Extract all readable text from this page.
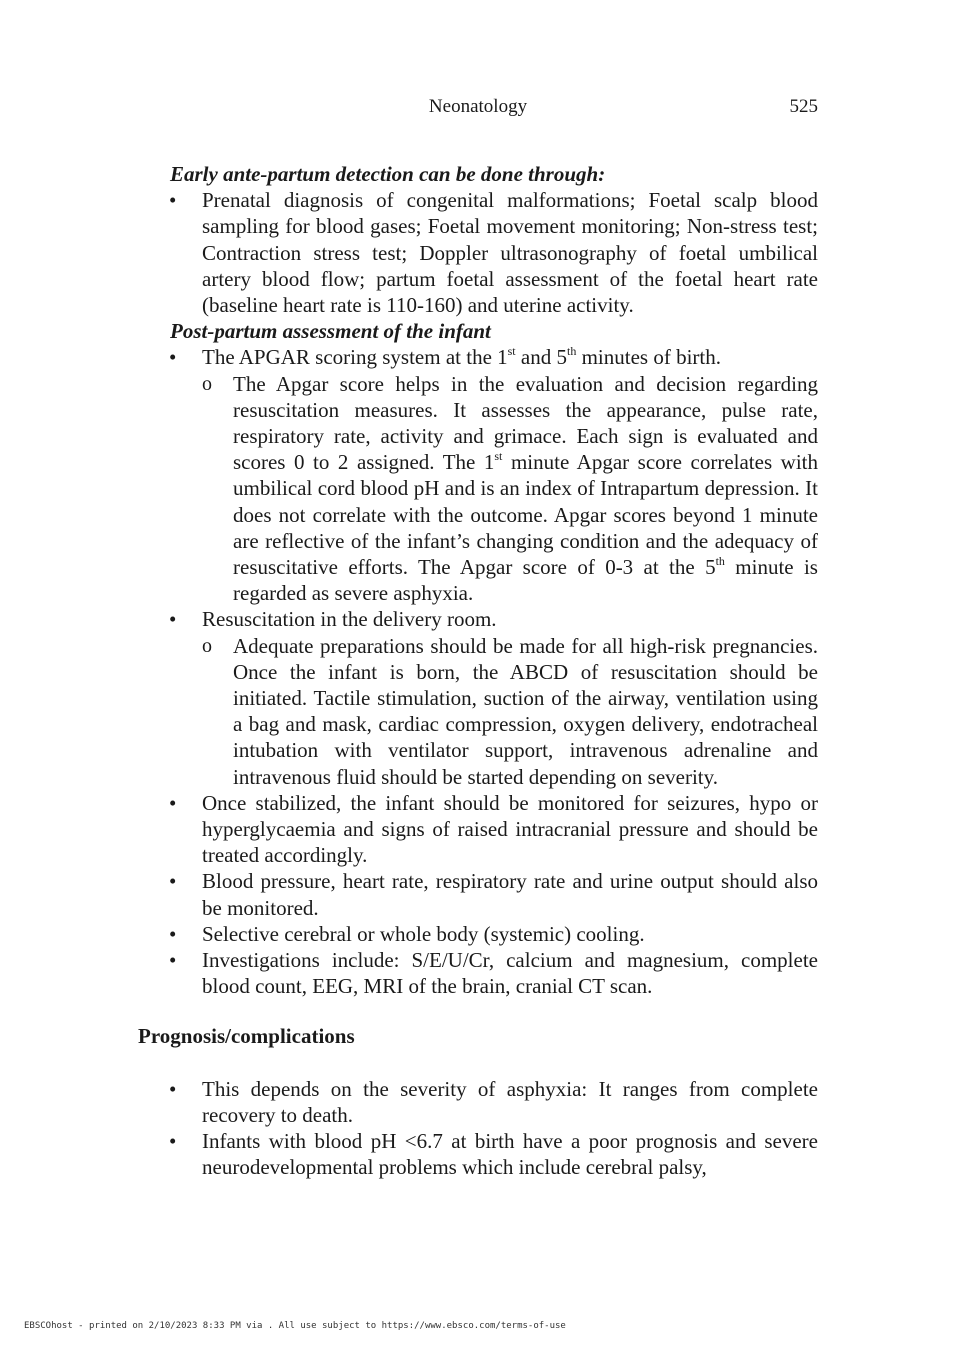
Neonatology	525

Early ante-partum detection can be done through:

• Prenatal diagnosis of congenital malformations; Foetal scalp blood sampling for blood gases; Foetal movement monitoring; Non-stress test; Contraction stress test; Doppler ultrasonography of foetal umbilical artery blood flow; partum foetal assessment of the foetal heart rate (baseline heart rate is 110-160) and uterine activity.

Post-partum assessment of the infant

• The APGAR scoring system at the 1st and 5th minutes of birth.

o The Apgar score helps in the evaluation and decision regarding resuscitation measures. It assesses the appearance, pulse rate, respiratory rate, activity and grimace. Each sign is evaluated and scores 0 to 2 assigned. The 1st minute Apgar score correlates with umbilical cord blood pH and is an index of Intrapartum depression. It does not correlate with the outcome. Apgar scores beyond 1 minute are reflective of the infant’s changing condition and the adequacy of resuscitative efforts. The Apgar score of 0-3 at the 5th minute is regarded as severe asphyxia.

• Resuscitation in the delivery room.

o Adequate preparations should be made for all high-risk pregnancies. Once the infant is born, the ABCD of resuscitation should be initiated. Tactile stimulation, suction of the airway, ventilation using a bag and mask, cardiac compression, oxygen delivery, endotracheal intubation with ventilator support, intravenous adrenaline and intravenous fluid should be started depending on severity.

• Once stabilized, the infant should be monitored for seizures, hypo or hyperglycaemia and signs of raised intracranial pressure and should be treated accordingly.

• Blood pressure, heart rate, respiratory rate and urine output should also be monitored.

• Selective cerebral or whole body (systemic) cooling.

• Investigations include: S/E/U/Cr, calcium and magnesium, complete blood count, EEG, MRI of the brain, cranial CT scan.

Prognosis/complications

• This depends on the severity of asphyxia: It ranges from complete recovery to death.

• Infants with blood pH <6.7 at birth have a poor prognosis and severe neurodevelopmental problems which include cerebral palsy,

EBSCOhost - printed on 2/10/2023 8:33 PM via . All use subject to https://www.ebsco.com/terms-of-use
